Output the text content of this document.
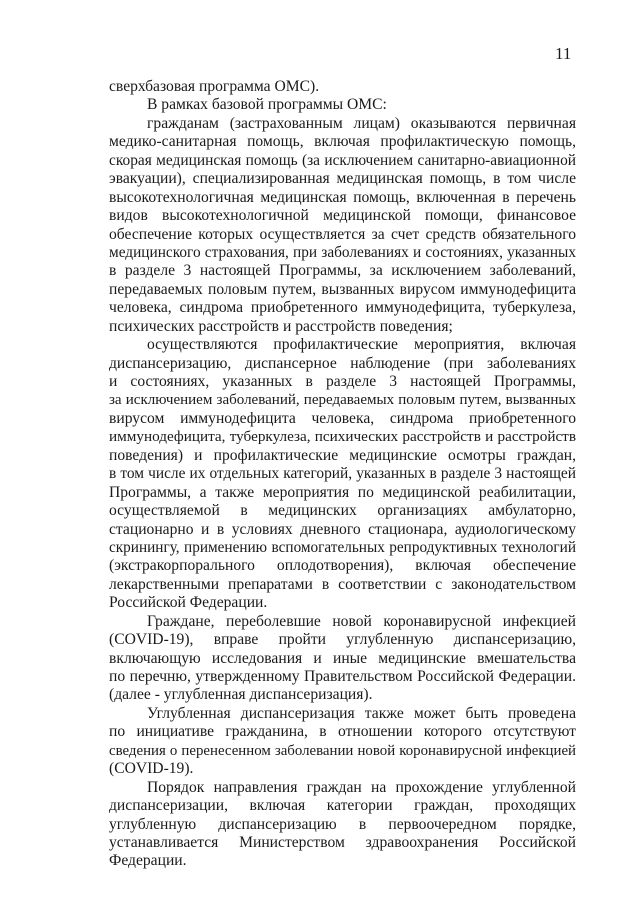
11
сверхбазовая программа ОМС).
В рамках базовой программы ОМС:
гражданам (застрахованным лицам) оказываются первичная
медико-санитарная помощь, включая профилактическую помощь,
скорая медицинская помощь (за исключением санитарно-авиационной
эвакуации), специализированная медицинская помощь, в том числе
высокотехнологичная медицинская помощь, включенная в перечень
видов высокотехнологичной медицинской помощи, финансовое
обеспечение которых осуществляется за счет средств обязательного
медицинского страхования, при заболеваниях и состояниях, указанных
в разделе 3 настоящей Программы, за исключением заболеваний,
передаваемых половым путем, вызванных вирусом иммунодефицита
человека, синдрома приобретенного иммунодефицита, туберкулеза,
психических расстройств и расстройств поведения;
осуществляются профилактические мероприятия, включая
диспансеризацию, диспансерное наблюдение (при заболеваниях
и состояниях, указанных в разделе 3 настоящей Программы,
за исключением заболеваний, передаваемых половым путем, вызванных
вирусом иммунодефицита человека, синдрома приобретенного
иммунодефицита, туберкулеза, психических расстройств и расстройств
поведения) и профилактические медицинские осмотры граждан,
в том числе их отдельных категорий, указанных в разделе 3 настоящей
Программы, а также мероприятия по медицинской реабилитации,
осуществляемой в медицинских организациях амбулаторно,
стационарно и в условиях дневного стационара, аудиологическому
скринингу, применению вспомогательных репродуктивных технологий
(экстракорпорального оплодотворения), включая обеспечение
лекарственными препаратами в соответствии с законодательством
Российской Федерации.
Граждане, переболевшие новой коронавирусной инфекцией
(COVID-19), вправе пройти углубленную диспансеризацию,
включающую исследования и иные медицинские вмешательства
по перечню, утвержденному Правительством Российской Федерации.
(далее - углубленная диспансеризация).
Углубленная диспансеризация также может быть проведена
по инициативе гражданина, в отношении которого отсутствуют
сведения о перенесенном заболевании новой коронавирусной инфекцией
(COVID-19).
Порядок направления граждан на прохождение углубленной
диспансеризации, включая категории граждан, проходящих
углубленную диспансеризацию в первоочередном порядке,
устанавливается Министерством здравоохранения Российской
Федерации.
